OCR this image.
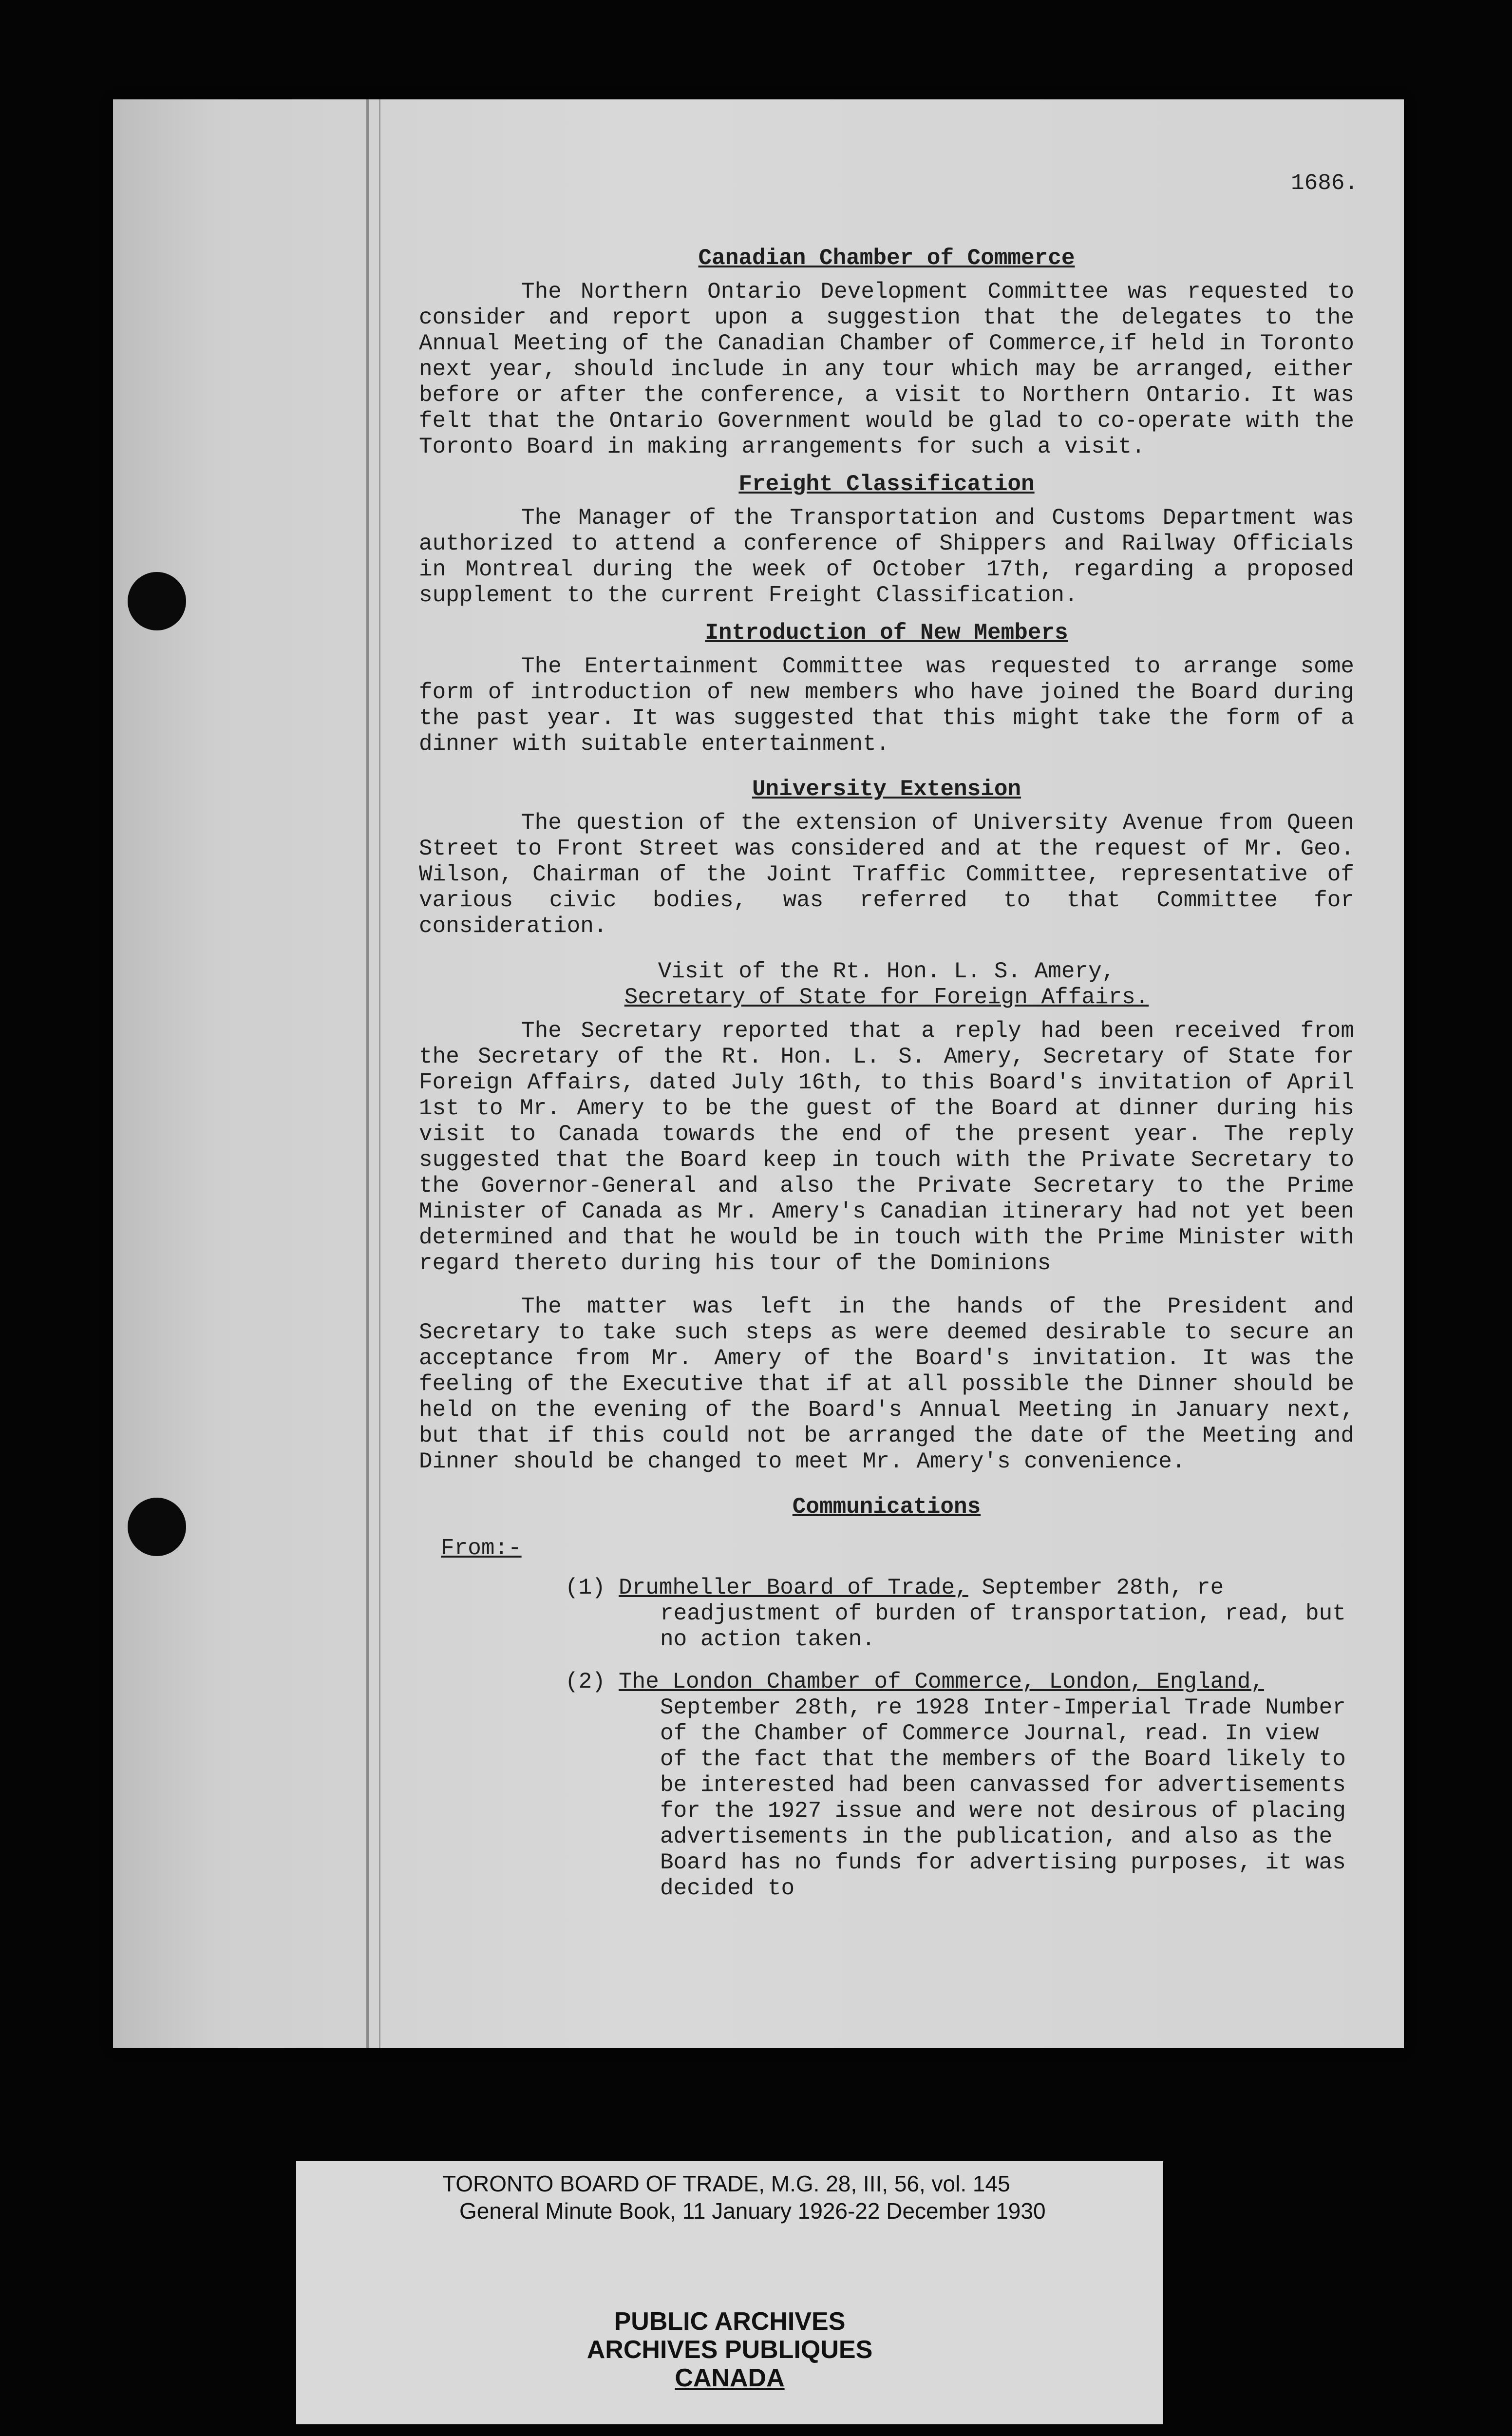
1686.
Canadian Chamber of Commerce

The Northern Ontario Development Committee was requested to consider and report upon a suggestion that the delegates to the Annual Meeting of the Canadian Chamber of Commerce,if held in Toronto next year, should include in any tour which may be arranged, either before or after the conference, a visit to Northern Ontario. It was felt that the Ontario Government would be glad to co-operate with the Toronto Board in making arrangements for such a visit.

Freight Classification

The Manager of the Transportation and Customs Department was authorized to attend a conference of Shippers and Railway Officials in Montreal during the week of October 17th, regarding a proposed supplement to the current Freight Classification.

Introduction of New Members

The Entertainment Committee was requested to arrange some form of introduction of new members who have joined the Board during the past year. It was suggested that this might take the form of a dinner with suitable entertainment.

University Extension

The question of the extension of University Avenue from Queen Street to Front Street was considered and at the request of Mr. Geo. Wilson, Chairman of the Joint Traffic Committee, representative of various civic bodies, was referred to that Committee for consideration.

Visit of the Rt. Hon. L. S. Amery,
Secretary of State for Foreign Affairs.

The Secretary reported that a reply had been received from the Secretary of the Rt. Hon. L. S. Amery, Secretary of State for Foreign Affairs, dated July 16th, to this Board's invitation of April 1st to Mr. Amery to be the guest of the Board at dinner during his visit to Canada towards the end of the present year. The reply suggested that the Board keep in touch with the Private Secretary to the Governor-General and also the Private Secretary to the Prime Minister of Canada as Mr. Amery's Canadian itinerary had not yet been determined and that he would be in touch with the Prime Minister with regard thereto during his tour of the Dominions

The matter was left in the hands of the President and Secretary to take such steps as were deemed desirable to secure an acceptance from Mr. Amery of the Board's invitation. It was the feeling of the Executive that if at all possible the Dinner should be held on the evening of the Board's Annual Meeting in January next, but that if this could not be arranged the date of the Meeting and Dinner should be changed to meet Mr. Amery's convenience.

Communications
From:-
(1) Drumheller Board of Trade, September 28th, re
readjustment of burden of transportation, read, but no action taken.
(2) The London Chamber of Commerce, London, England,
September 28th, re 1928 Inter-Imperial Trade Number of the Chamber of Commerce Journal, read. In view of the fact that the members of the Board likely to be interested had been canvassed for advertisements for the 1927 issue and were not desirous of placing advertisements in the publication, and also as the Board has no funds for advertising purposes, it was decided to
TORONTO BOARD OF TRADE, M.G. 28, III, 56, vol. 145
General Minute Book, 11 January 1926-22 December 1930
PUBLIC ARCHIVES
ARCHIVES PUBLIQUES
CANADA
